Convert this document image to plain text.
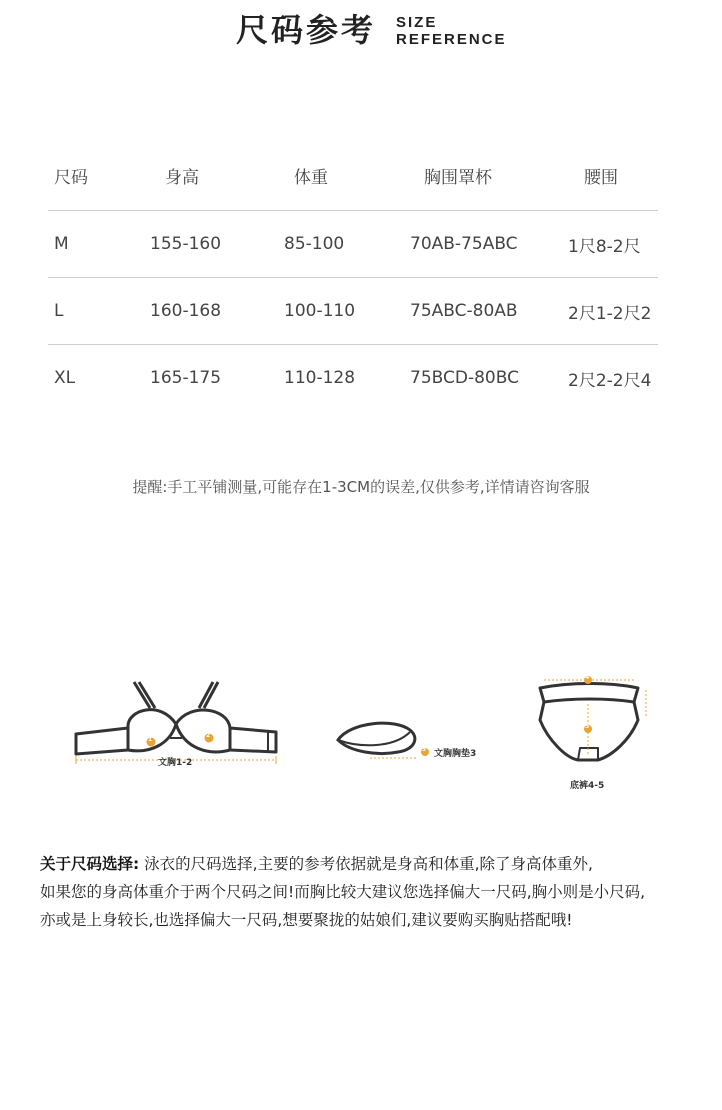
尺码参考 SIZE
REFERENCE
尺码	身高	体重	胸围罩杯	腰围
M	155-160	85-100	70AB-75ABC	1尺8-2尺
L	160-168	100-110	75ABC-80AB	2尺1-2尺2
XL	165-175	110-128	75BCD-80BC	2尺2-2尺4
提醒:手工平铺测量,可能存在1-3CM的误差,仅供参考,详情请咨询客服
文胸1-2
文胸胸垫3
底裤4-5
1
2
3
4
5

关于尺码选择: 泳衣的尺码选择,主要的参考依据就是身高和体重,除了身高体重外,

如果您的身高体重介于两个尺码之间!而胸比较大建议您选择偏大一尺码,胸小则是小尺码,

亦或是上身较长,也选择偏大一尺码,想要聚拢的姑娘们,建议要购买胸贴搭配哦!
